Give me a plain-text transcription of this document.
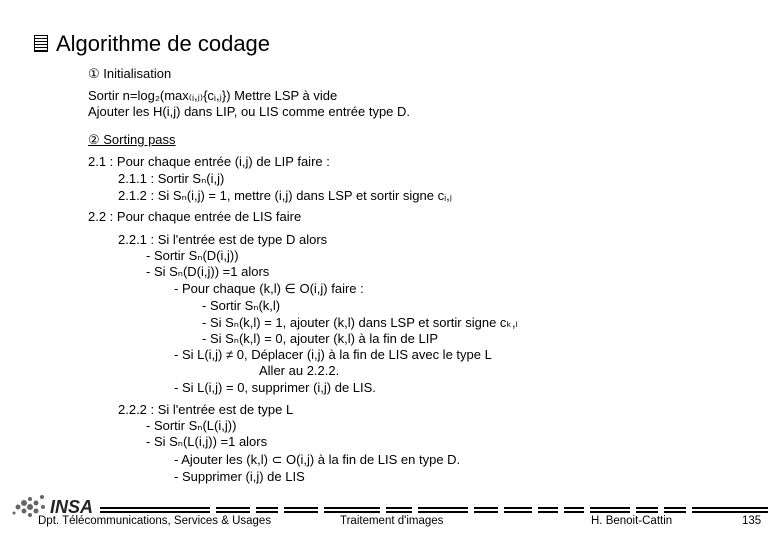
Algorithme de codage
① Initialisation
Sortir n=log₂(max₍ᵢ,ⱼ₎{cᵢ,ⱼ}) Mettre LSP à vide
Ajouter les H(i,j) dans LIP, ou LIS comme entrée type D.
② Sorting pass
2.1 : Pour chaque entrée (i,j) de LIP faire :
2.1.1 : Sortir Sₙ(i,j)
2.1.2 : Si Sₙ(i,j) = 1, mettre (i,j) dans LSP et sortir signe cᵢ,ⱼ
2.2 : Pour chaque entrée de LIS faire
2.2.1 : Si l'entrée est de type D alors
- Sortir Sₙ(D(i,j))
- Si Sₙ(D(i,j)) =1 alors
- Pour chaque (k,l) ∈ O(i,j) faire :
- Sortir Sₙ(k,l)
- Si Sₙ(k,l) = 1, ajouter (k,l) dans LSP et sortir signe cₖ,ₗ
- Si Sₙ(k,l) = 0, ajouter (k,l) à la fin de LIP
- Si L(i,j) ≠ 0, Déplacer (i,j) à la fin de LIS avec le type L
Aller au 2.2.2.
- Si L(i,j) = 0, supprimer (i,j) de LIS.
2.2.2 : Si l'entrée est de type L
- Sortir Sₙ(L(i,j))
- Si Sₙ(L(i,j)) =1 alors
- Ajouter les (k,l) ⊂ O(i,j) à la fin de LIS en type D.
- Supprimer (i,j) de LIS
INSA
Dpt. Télécommunications, Services & Usages	Traitement d'images	H. Benoit-Cattin	135
